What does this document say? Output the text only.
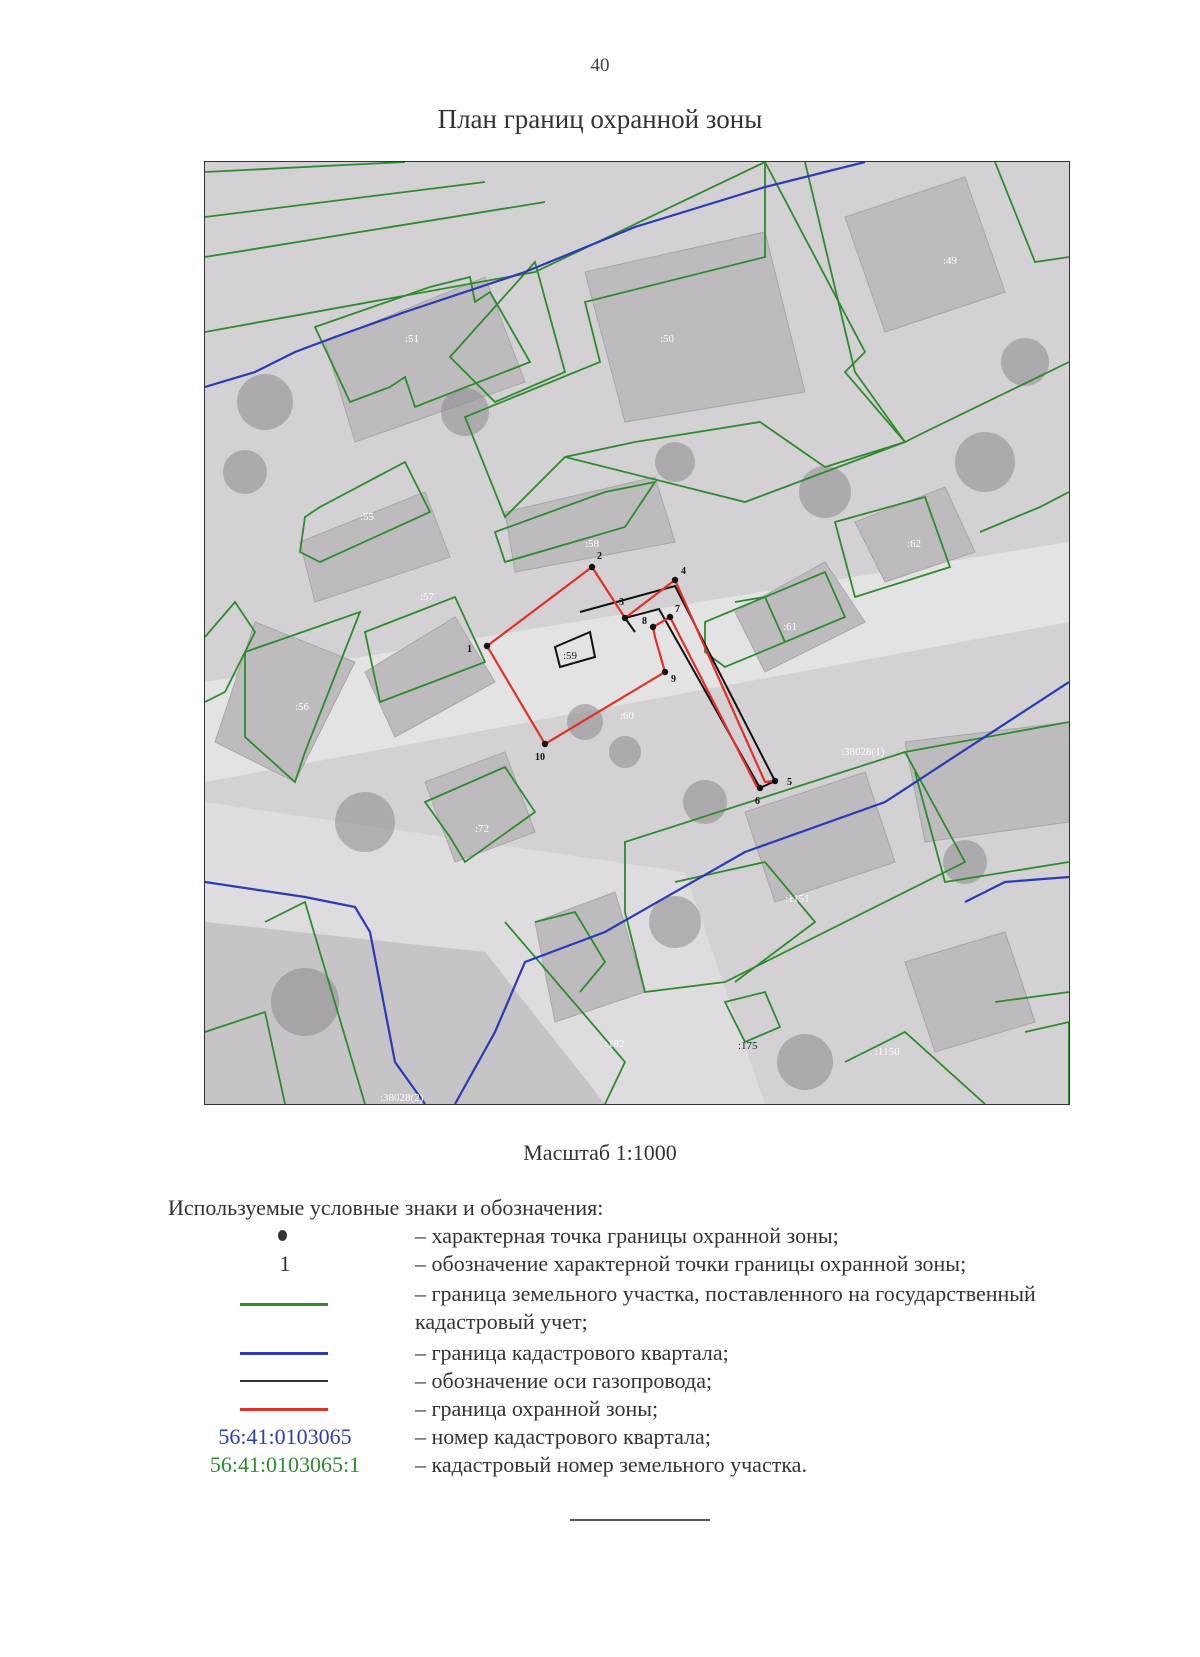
40
План границ охранной зоны
1
2
3
4
5
6
7
8
9
10
:49
:50
:51
:55
:56
:57
:58
:59
:60
:61
:62
:72
:1151
:182	:175	:1150
:38028(1)
:38028(2)
Масштаб 1:1000
Используемые условные знаки и обозначения:
– характерная точка границы охранной зоны;
1	– обозначение характерной точки границы охранной зоны;
– граница земельного участка, поставленного на государственный кадастровый учет;
– граница кадастрового квартала;
– обозначение оси газопровода;
– граница охранной зоны;
56:41:0103065	– номер кадастрового квартала;
56:41:0103065:1 – кадастровый номер земельного участка.
